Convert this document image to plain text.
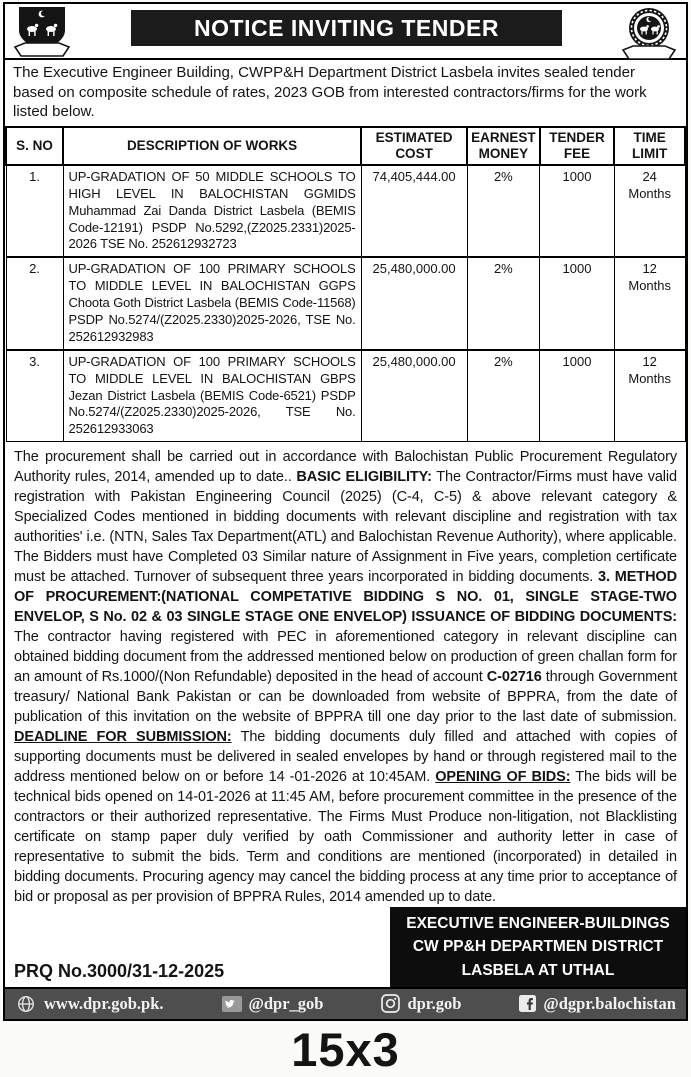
NOTICE INVITING TENDER
The Executive Engineer Building, CWPP&H Department District Lasbela invites sealed tender based on composite schedule of rates, 2023 GOB from interested contractors/firms for the work listed below.
S. NO	DESCRIPTION OF WORKS	ESTIMATED COST	EARNEST MONEY	TENDER FEE	TIME LIMIT
1.	UP-GRADATION OF 50 MIDDLE SCHOOLS TO HIGH LEVEL IN BALOCHISTAN GGMIDS Muhammad Zai Danda District Lasbela (BEMIS Code-12191) PSDP No.5292,(Z2025.2331)2025-2026 TSE No. 252612932723	74,405,444.00	2%	1000	24 Months
2.	UP-GRADATION OF 100 PRIMARY SCHOOLS TO MIDDLE LEVEL IN BALOCHISTAN GGPS Choota Goth District Lasbela (BEMIS Code-11568) PSDP No.5274/(Z2025.2330)2025-2026, TSE No. 252612932983	25,480,000.00	2%	1000	12 Months
3.	UP-GRADATION OF 100 PRIMARY SCHOOLS TO MIDDLE LEVEL IN BALOCHISTAN GBPS Jezan District Lasbela (BEMIS Code-6521) PSDP No.5274/(Z2025.2330)2025-2026, TSE No. 252612933063	25,480,000.00	2%	1000	12 Months
The procurement shall be carried out in accordance with Balochistan Public Procurement Regulatory Authority rules, 2014, amended up to date.. BASIC ELIGIBILITY: The Contractor/Firms must have valid registration with Pakistan Engineering Council (2025) (C-4, C-5) & above relevant category & Specialized Codes mentioned in bidding documents with relevant discipline and registration with tax authorities' i.e. (NTN, Sales Tax Department(ATL) and Balochistan Revenue Authority), where applicable. The Bidders must have Completed 03 Similar nature of Assignment in Five years, completion certificate must be attached. Turnover of subsequent three years incorporated in bidding documents. 3. METHOD OF PROCUREMENT:(NATIONAL COMPETATIVE BIDDING S NO. 01, SINGLE STAGE-TWO ENVELOP, S No. 02 & 03 SINGLE STAGE ONE ENVELOP) ISSUANCE OF BIDDING DOCUMENTS: The contractor having registered with PEC in aforementioned category in relevant discipline can obtained bidding document from the addressed mentioned below on production of green challan form for an amount of Rs.1000/(Non Refundable) deposited in the head of account C-02716 through Government treasury/ National Bank Pakistan or can be downloaded from website of BPPRA, from the date of publication of this invitation on the website of BPPRA till one day prior to the last date of submission. DEADLINE FOR SUBMISSION: The bidding documents duly filled and attached with copies of supporting documents must be delivered in sealed envelopes by hand or through registered mail to the address mentioned below on or before 14 -01-2026 at 10:45AM. OPENING OF BIDS: The bids will be technical bids opened on 14-01-2026 at 11:45 AM, before procurement committee in the presence of the contractors or their authorized representative. The Firms Must Produce non-litigation, not Blacklisting certificate on stamp paper duly verified by oath Commissioner and authority letter in case of representative to submit the bids. Term and conditions are mentioned (incorporated) in detailed in bidding documents. Procuring agency may cancel the bidding process at any time prior to acceptance of bid or proposal as per provision of BPPRA Rules, 2014 amended up to date.
PRQ No.3000/31-12-2025
EXECUTIVE ENGINEER-BUILDINGS
CW PP&H DEPARTMEN DISTRICT
LASBELA AT UTHAL
www.dpr.gob.pk.	@dpr_gob	dpr.gob	@dgpr.balochistan
15x3
